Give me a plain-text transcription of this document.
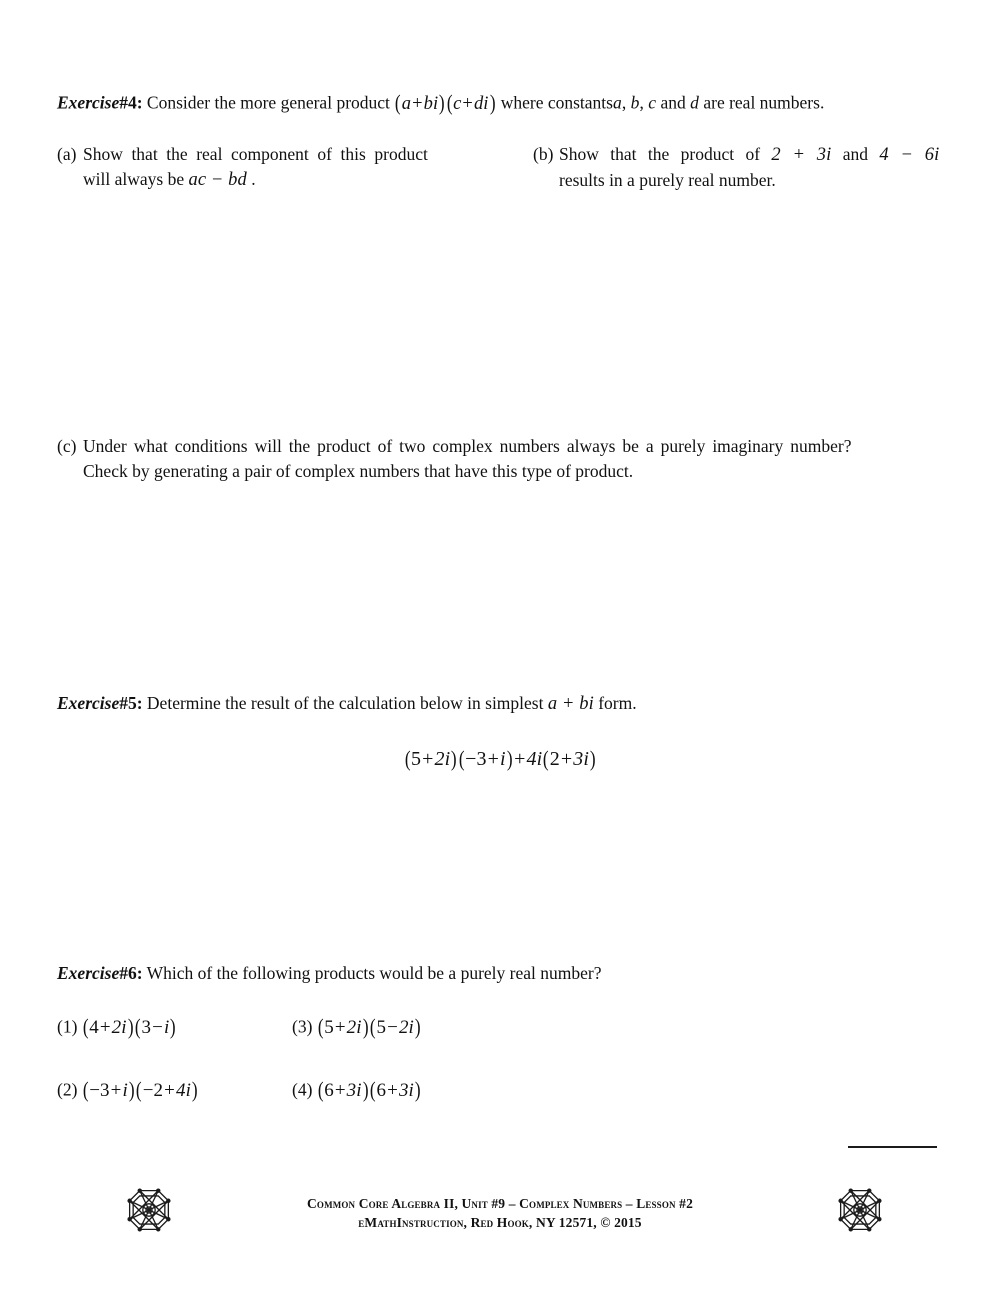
Exercise#4: Consider the more general product (a+bi)(c+di) where constantsa, b, c and d are real numbers.
(a) Show that the real component of this product
will always be ac − bd .
(b) Show that the product of 2 + 3i and 4 − 6i
results in a purely real number.
(c) Under what conditions will the product of two complex numbers always be a purely imaginary number?
Check by generating a pair of complex numbers that have this type of product.
Exercise#5: Determine the result of the calculation below in simplest a + bi form.
(5+2i)(−3+i)+4i(2+3i)
Exercise#6: Which of the following products would be a purely real number?
(1) (4+2i)(3−i)	(3) (5+2i)(5−2i)
(2) (−3+i)(−2+4i)	(4) (6+3i)(6+3i)
Common Core Algebra II, Unit #9 – Complex Numbers – Lesson #2
eMathInstruction, Red Hook, NY 12571, © 2015
